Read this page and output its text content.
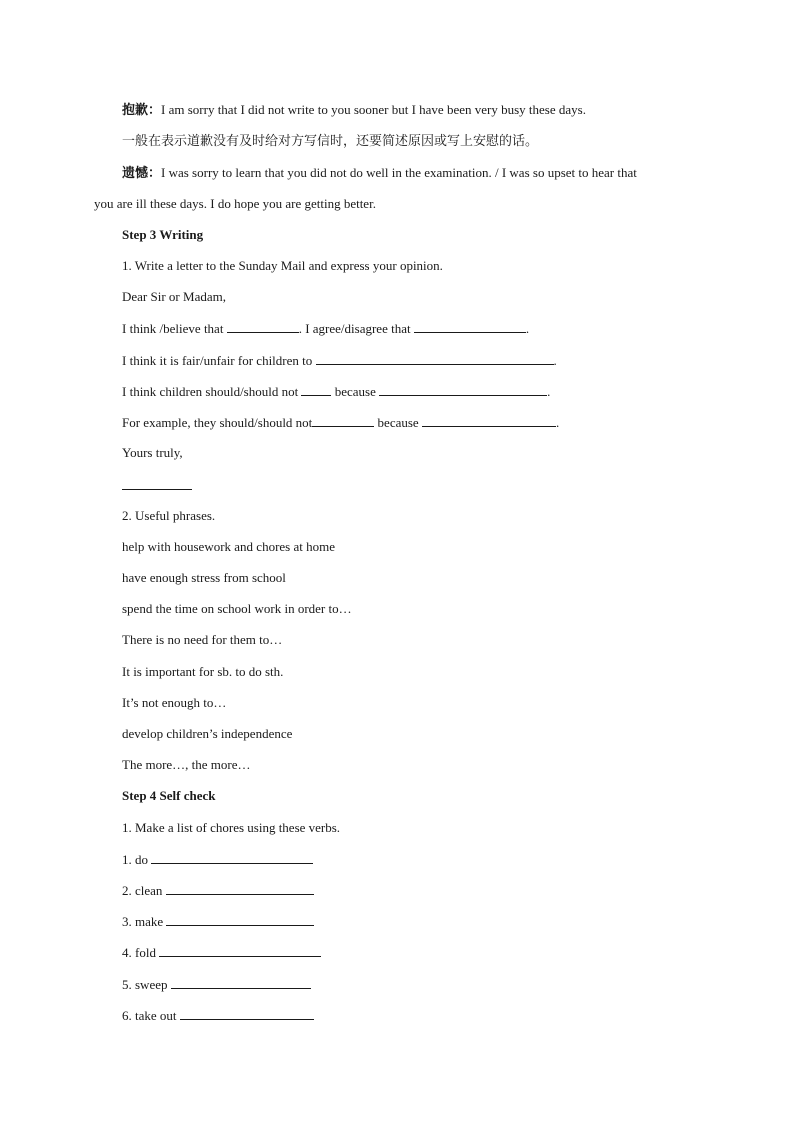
抱歉：I am sorry that I did not write to you sooner but I have been very busy these days.
一般在表示道歉没有及时给对方写信时，还要简述原因或写上安慰的话。
遗憾：I was sorry to learn that you did not do well in the examination. / I was so upset to hear that
you are ill these days. I do hope you are getting better.
Step 3 Writing
1. Write a letter to the Sunday Mail and express your opinion.
Dear Sir or Madam,
I think /believe that	. I agree/disagree that	.
I think it is fair/unfair for children to	.
I think children should/should not  because	.
For example, they should/should not	because	.
Yours truly,
2. Useful phrases.
help with housework and chores at home
have enough stress from school
spend the time on school work in order to…
There is no need for them to…
It is important for sb. to do sth.
It’s not enough to…
develop children’s independence
The more…, the more…
Step 4 Self check
1. Make a list of chores using these verbs.
1. do
2. clean
3. make
4. fold
5. sweep
6. take out
